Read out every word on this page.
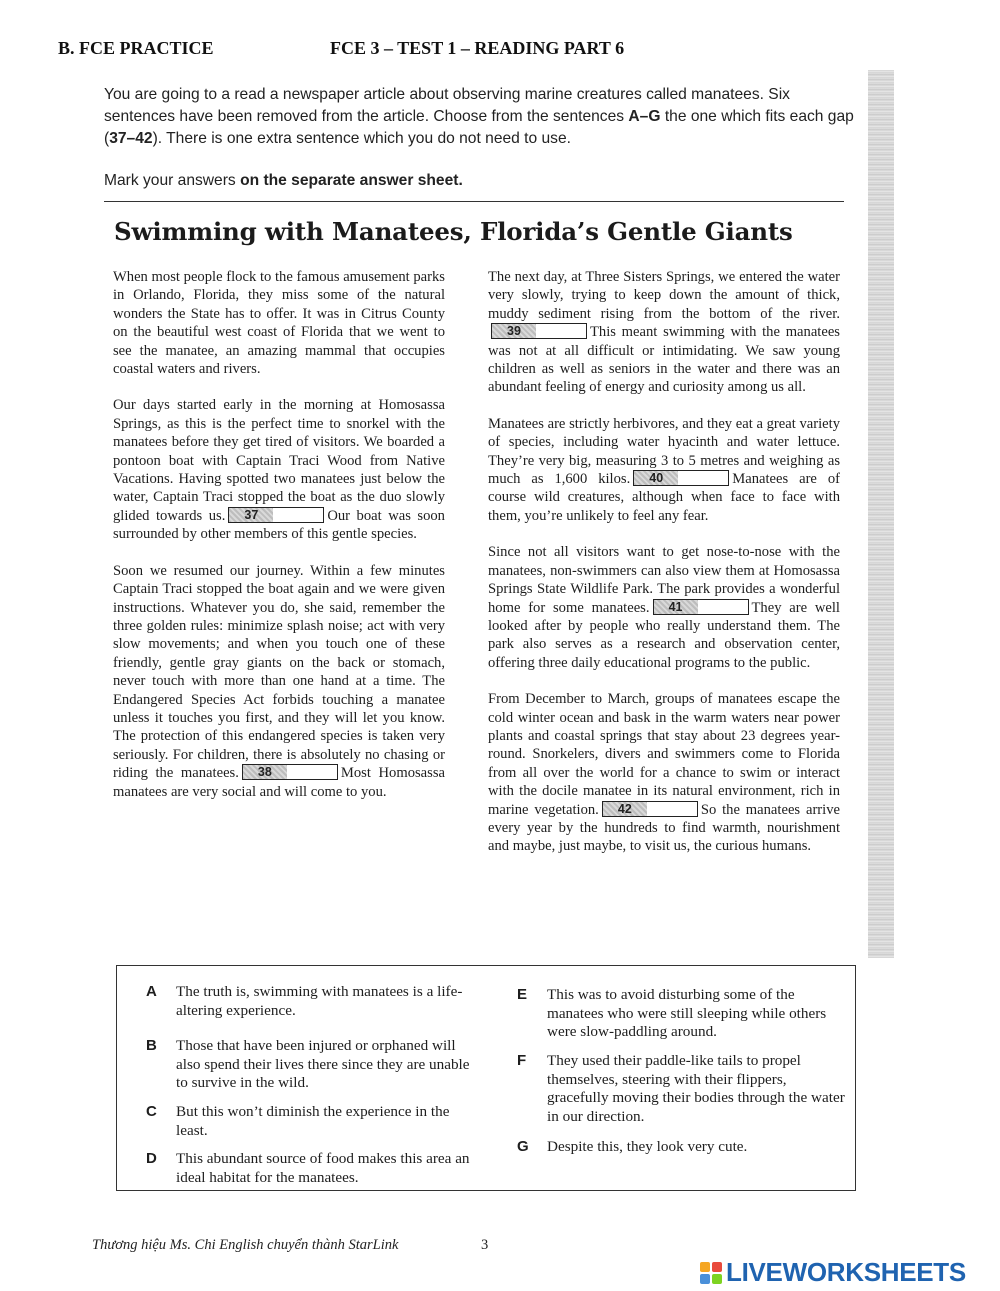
B. FCE PRACTICE	FCE 3 – TEST 1 – READING PART 6

You are going to a read a newspaper article about observing marine creatures called manatees. Six sentences have been removed from the article. Choose from the sentences A–G the one which fits each gap (37–42). There is one extra sentence which you do not need to use.

Mark your answers on the separate answer sheet.

Swimming with Manatees, Florida’s Gentle Giants

When most people flock to the famous amusement parks in Orlando, Florida, they miss some of the natural wonders the State has to offer. It was in Citrus County on the beautiful west coast of Florida that we went to see the manatee, an amazing mammal that occupies coastal waters and rivers.

Our days started early in the morning at Homosassa Springs, as this is the perfect time to snorkel with the manatees before they get tired of visitors. We boarded a pontoon boat with Captain Traci Wood from Native Vacations. Having spotted two manatees just below the water, Captain Traci stopped the boat as the duo slowly glided towards us.	37	Our boat was soon surrounded by other members of this gentle species.

Soon we resumed our journey. Within a few minutes Captain Traci stopped the boat again and we were given instructions. Whatever you do, she said, remember the three golden rules: minimize splash noise; act with very slow movements; and when you touch one of these friendly, gentle gray giants on the back or stomach, never touch with more than one hand at a time. The Endangered Species Act forbids touching a manatee unless it touches you first, and they will let you know. The protection of this endangered species is taken very seriously. For children, there is absolutely no chasing or riding the manatees.	38	Most Homosassa manatees are very social and will come to you.

The next day, at Three Sisters Springs, we entered the water very slowly, trying to keep down the amount of thick, muddy sediment rising from the bottom of the river.
39	This meant swimming with the manatees was not at all difficult or intimidating. We saw young children as well as seniors in the water and there was an abundant feeling of energy and curiosity among us all.

Manatees are strictly herbivores, and they eat a great variety of species, including water hyacinth and water lettuce. They’re very big, measuring 3 to 5 metres and weighing as much as 1,600 kilos.	40	Manatees are of course wild creatures, although when face to face with them, you’re unlikely to feel any fear.

Since not all visitors want to get nose-to-nose with the manatees, non-swimmers can also view them at Homosassa Springs State Wildlife Park. The park provides a wonderful home for some manatees.	41	They are well looked after by people who really understand them. The park also serves as a research and observation center, offering three daily educational programs to the public.

From December to March, groups of manatees escape the cold winter ocean and bask in the warm waters near power plants and coastal springs that stay about 23 degrees year-round. Snorkelers, divers and swimmers come to Florida from all over the world for a chance to swim or interact with the docile manatee in its natural environment, rich in marine vegetation.	42	So the manatees arrive every year by the hundreds to find warmth, nourishment and maybe, just maybe, to visit us, the curious humans.

A The truth is, swimming with manatees is a life-altering experience.
B Those that have been injured or orphaned will also spend their lives there since they are unable to survive in the wild.
C But this won’t diminish the experience in the least.
D This abundant source of food makes this area an ideal habitat for the manatees.
E This was to avoid disturbing some of the manatees who were still sleeping while others were slow-paddling around.
F They used their paddle-like tails to propel themselves, steering with their flippers, gracefully moving their bodies through the water in our direction.
G Despite this, they look very cute.
Thương hiệu Ms. Chi English chuyển thành StarLink	3
LIVEWORKSHEETS
